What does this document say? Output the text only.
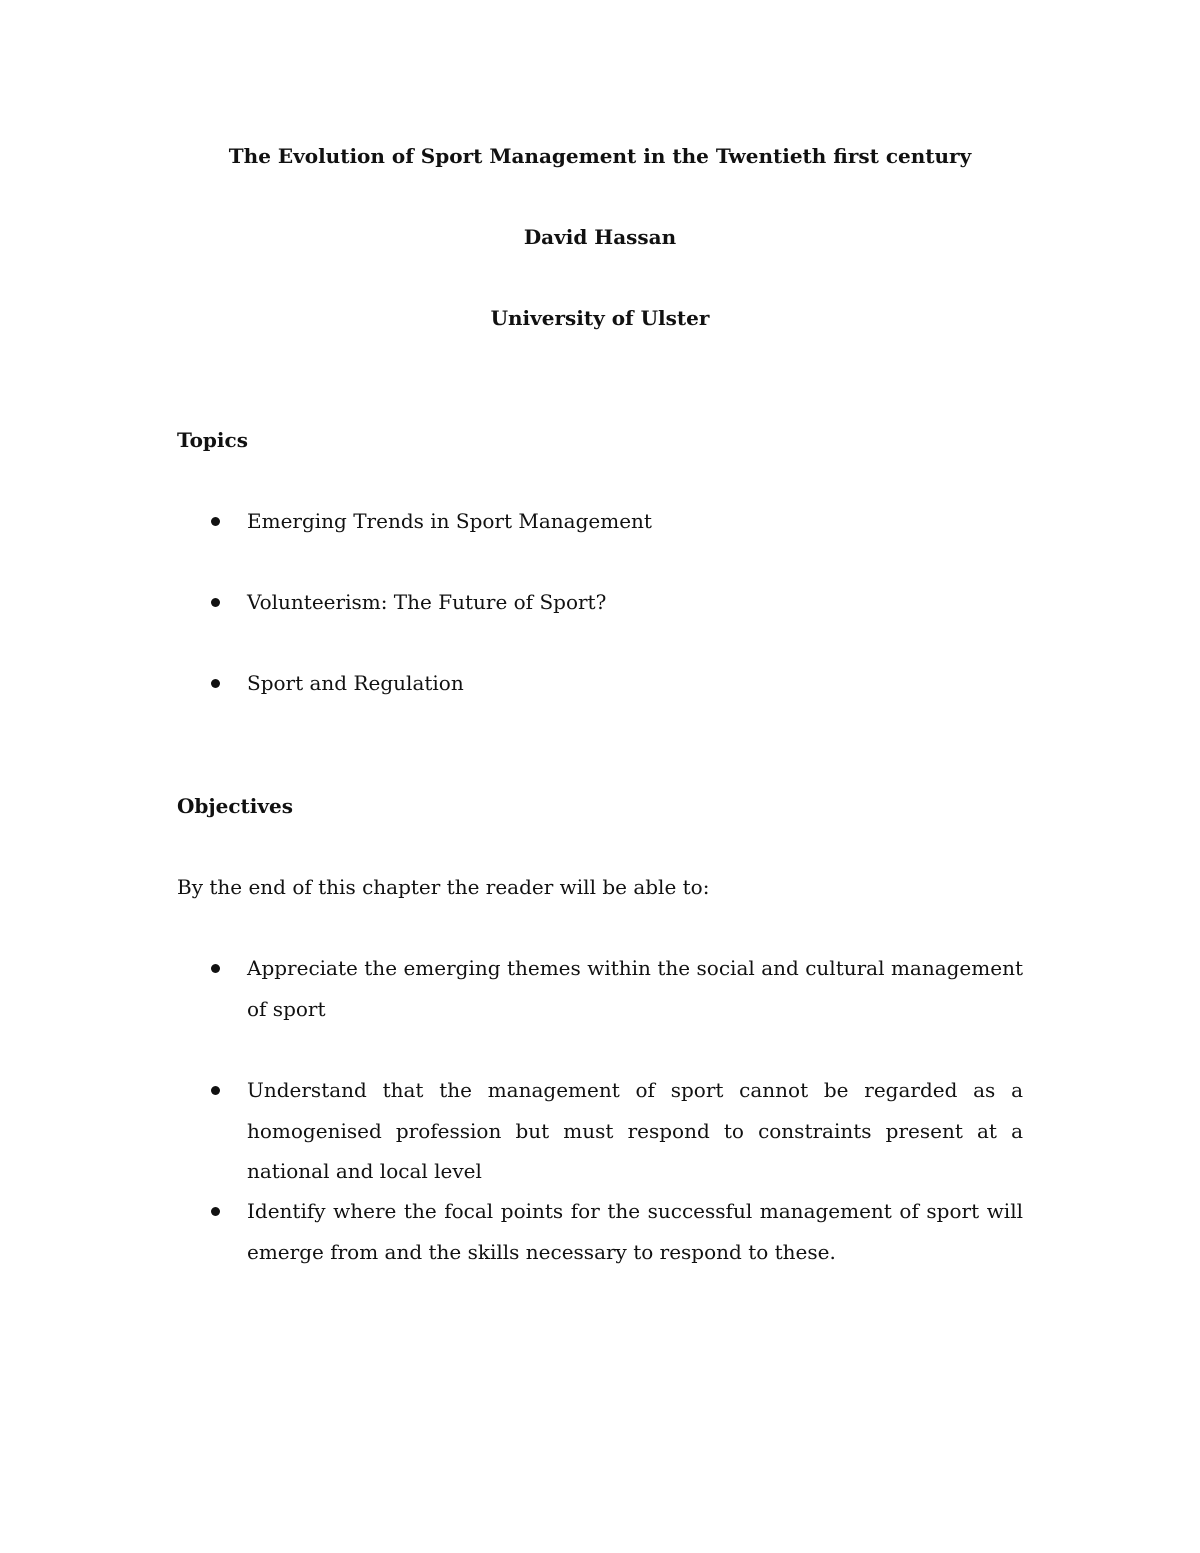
The Evolution of Sport Management in the Twentieth first century
David Hassan
University of Ulster
Topics
Emerging Trends in Sport Management
Volunteerism: The Future of Sport?
Sport and Regulation
Objectives
By the end of this chapter the reader will be able to:
Appreciate the emerging themes within the social and cultural management of sport
Understand that the management of sport cannot be regarded as a homogenised profession but must respond to constraints present at a national and local level
Identify where the focal points for the successful management of sport will emerge from and the skills necessary to respond to these.
